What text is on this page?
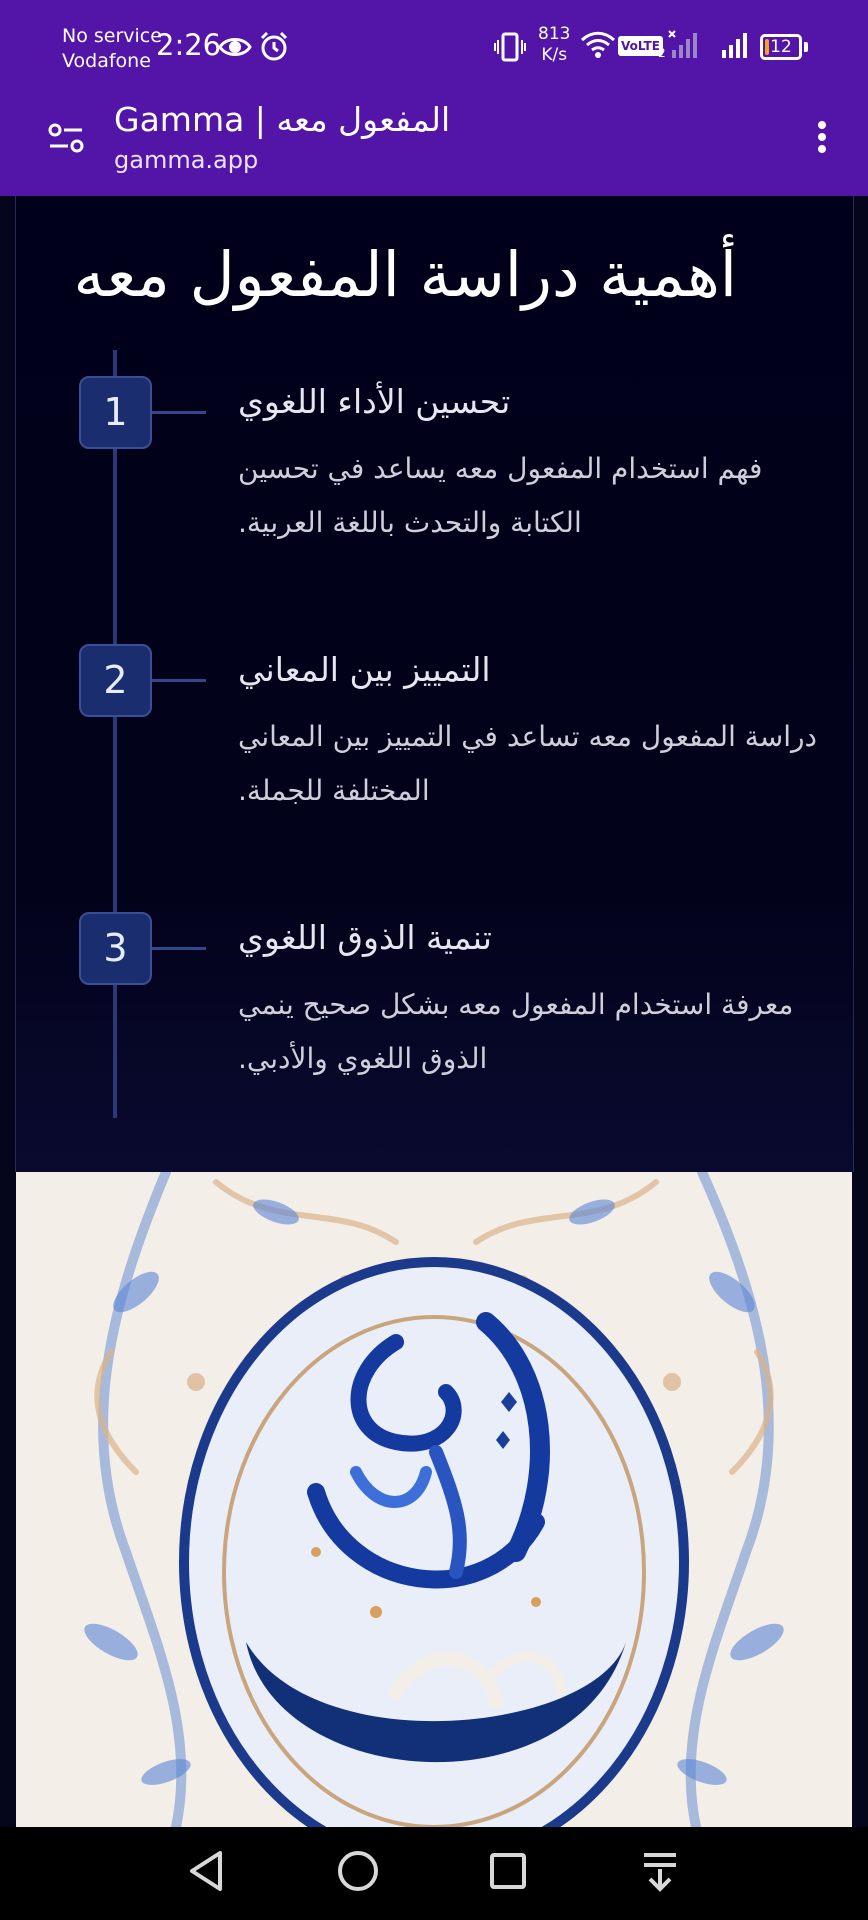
No service
Vodafone 2:26	813
K/s	VoLTE
2	12
Gamma | المفعول معه
gamma.app
أهمية دراسة المفعول معه
1	تحسين الأداء اللغوي
فهم استخدام المفعول معه يساعد في تحسين الكتابة والتحدث باللغة العربية.
2	التمييز بين المعاني
دراسة المفعول معه تساعد في التمييز بين المعاني المختلفة للجملة.
3	تنمية الذوق اللغوي
معرفة استخدام المفعول معه بشكل صحيح ينمي الذوق اللغوي والأدبي.
